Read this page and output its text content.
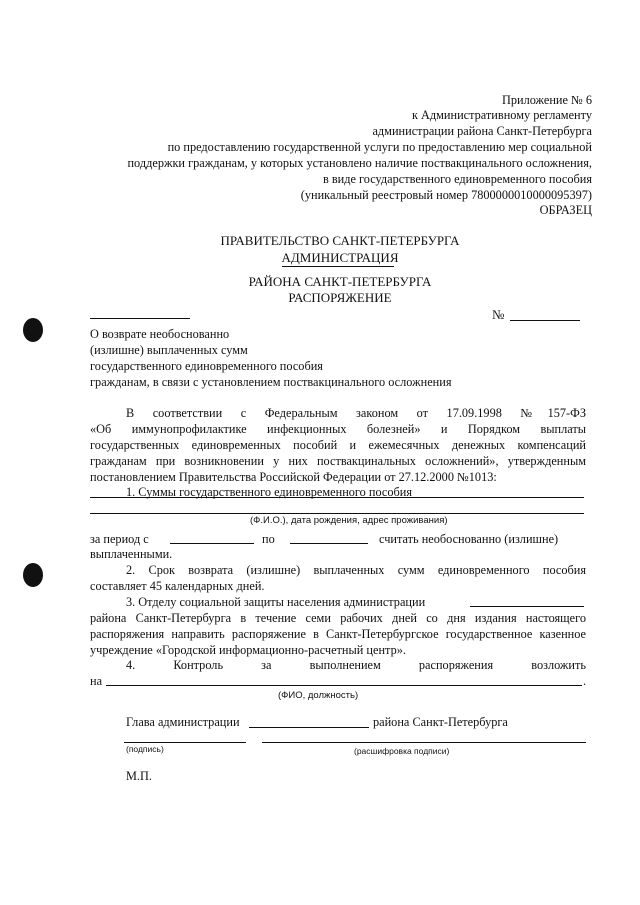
Приложение № 6
к Административному регламенту
администрации района Санкт-Петербурга
по предоставлению государственной услуги по предоставлению мер социальной
поддержки гражданам, у которых установлено наличие поствакцинального осложнения,
в виде государственного единовременного пособия
(уникальный реестровый номер 7800000010000095397)
ОБРАЗЕЦ
ПРАВИТЕЛЬСТВО САНКТ-ПЕТЕРБУРГА
АДМИНИСТРАЦИЯ
РАЙОНА САНКТ-ПЕТЕРБУРГА
РАСПОРЯЖЕНИЕ
№
О возврате необоснованно
(излишне) выплаченных сумм
государственного единовременного пособия
гражданам, в связи с установлением поствакцинального осложнения
В соответствии с Федеральным законом от 17.09.1998 №157-ФЗ
«Об иммунопрофилактике инфекционных болезней» и Порядком выплаты
государственных единовременных пособий и ежемесячных денежных компенсаций
гражданам при возникновении у них поствакцинальных осложнений», утвержденным
постановлением Правительства Российской Федерации от 27.12.2000 №1013:
1. Суммы государственного единовременного пособия
(Ф.И.О.), дата рождения, адрес проживания)
за период с	по	считать необоснованно (излишне)
выплаченными.
2. Срок возврата (излишне) выплаченных сумм единовременного пособия
составляет 45 календарных дней.
3. Отделу социальной защиты населения администрации
района Санкт-Петербурга в течение семи рабочих дней со дня издания настоящего
распоряжения направить распоряжение в Санкт-Петербургское государственное казенное
учреждение «Городской информационно-расчетный центр».
4. Контроль за выполнением распоряжения возложить
на	.
(ФИО, должность)
Глава администрации	района Санкт-Петербурга
(подпись)	(расшифровка подписи)
М.П.
